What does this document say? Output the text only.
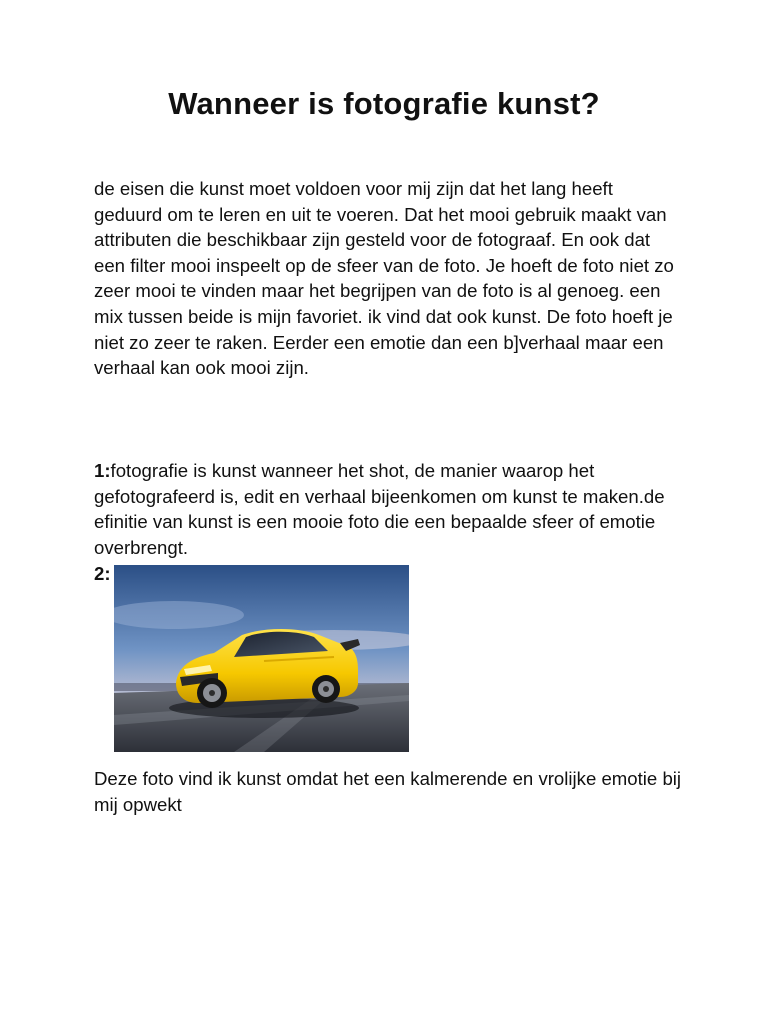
Wanneer is fotografie kunst?

de eisen die kunst moet voldoen voor mij zijn dat het lang heeft geduurd om te leren en uit te voeren. Dat het mooi gebruik maakt van attributen die beschikbaar zijn gesteld voor de fotograaf. En ook dat een filter mooi inspeelt op de sfeer van de foto. Je hoeft de foto niet zo zeer mooi te vinden maar het begrijpen van de foto is al genoeg. een mix tussen beide is mijn favoriet. ik vind dat ook kunst. De foto hoeft je niet zo zeer te raken. Eerder een emotie dan een b]verhaal maar een verhaal kan ook mooi zijn.

1:fotografie is kunst wanneer het shot, de manier waarop het gefotografeerd is, edit en verhaal bijeenkomen om kunst te maken.de efinitie van kunst is een mooie foto die een bepaalde sfeer of emotie overbrengt.

2:

Deze foto vind ik kunst omdat het een kalmerende en vrolijke emotie bij mij opwekt
